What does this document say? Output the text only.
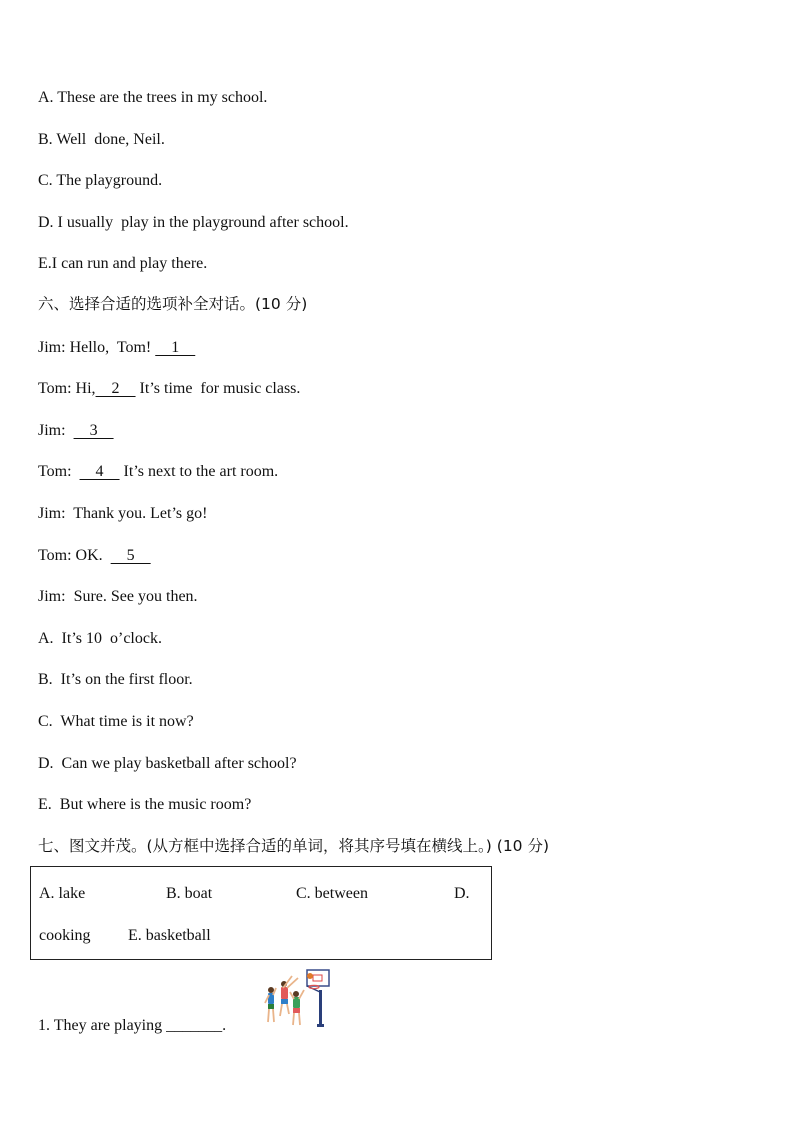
A. These are the trees in my school.
B. Well  done, Neil.
C. The playground.
D. I usually  play in the playground after school.
E.I can run and play there.
六、选择合适的选项补全对话。(10 分)
Jim: Hello,  Tom!     1
Tom: Hi,    2     It’s time  for music class.
Jim:      3
Tom:      4     It’s next to the art room.
Jim:  Thank you. Let’s go!
Tom: OK.      5
Jim:  Sure. See you then.
A.  It’s 10  o’clock.
B.  It’s on the first floor.
C.  What time is it now?
D.  Can we play basketball after school?
E.  But where is the music room?
七、图文并茂。(从方框中选择合适的单词，将其序号填在横线上。) (10 分)
A. lake	B. boat	C. between	D.
cooking E. basketball
1. They are playing _______.
